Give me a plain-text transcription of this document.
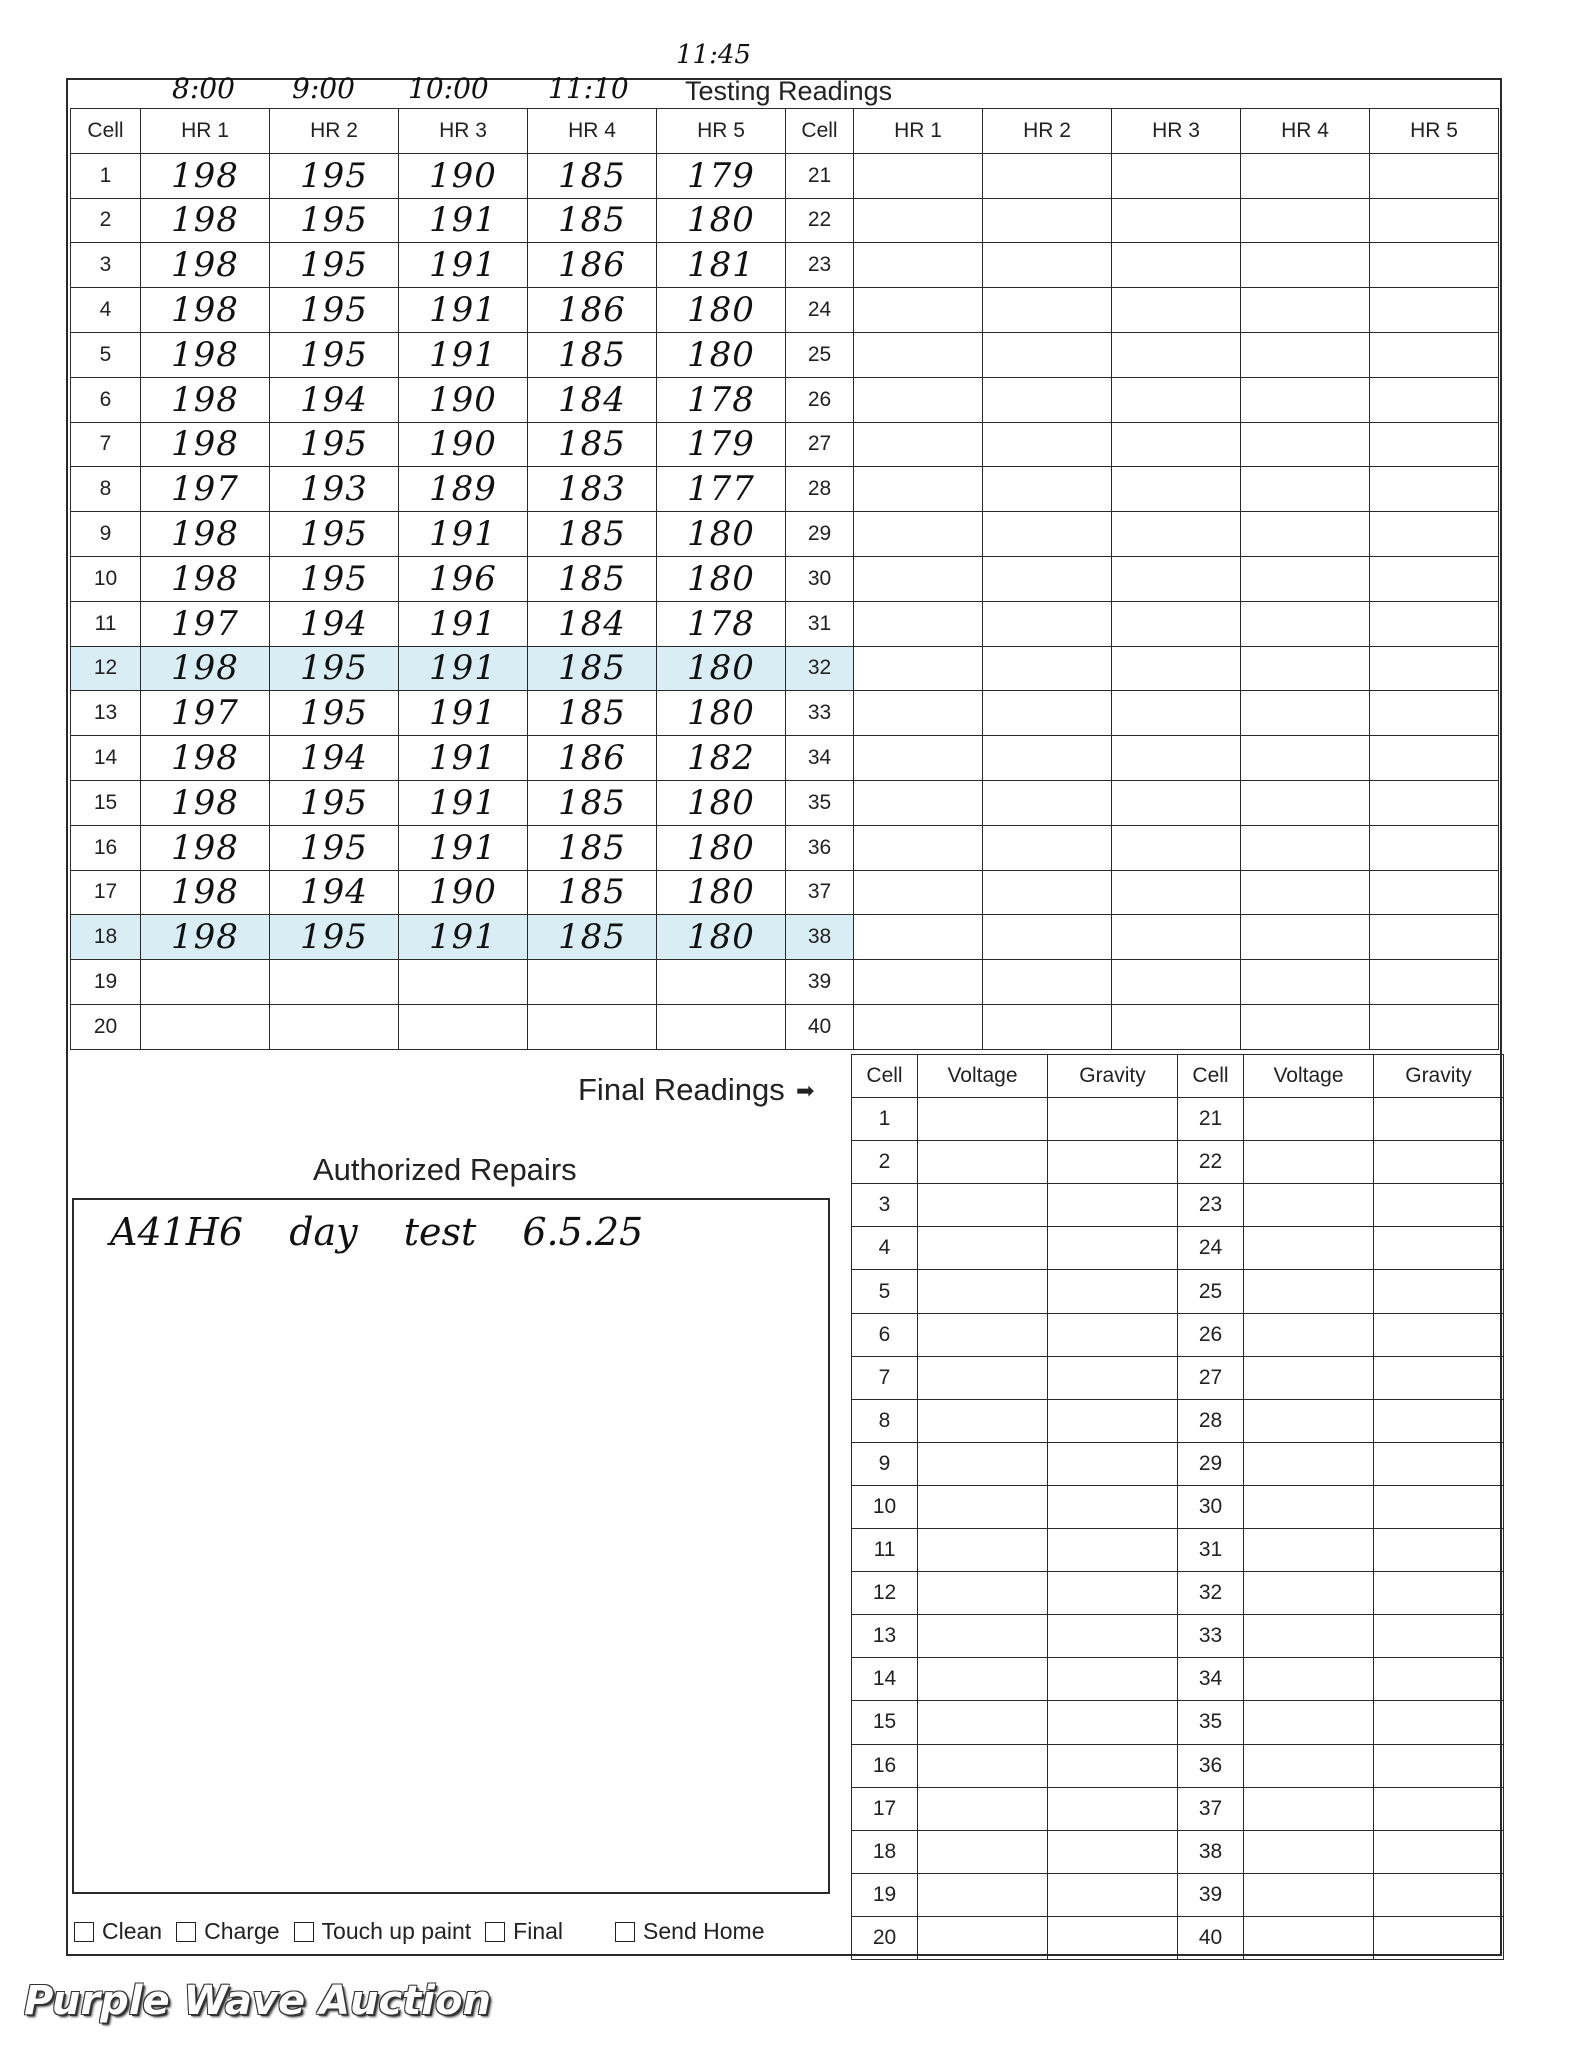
8:00 9:00 10:00 11:10
11:45
Testing Readings
Cell	HR 1	HR 2	HR 3	HR 4	HR 5	Cell	HR 1	HR 2	HR 3	HR 4	HR 5
1	198	195	190	185	179	21					
2	198	195	191	185	180	22					
3	198	195	191	186	181	23					
4	198	195	191	186	180	24					
5	198	195	191	185	180	25					
6	198	194	190	184	178	26					
7	198	195	190	185	179	27					
8	197	193	189	183	177	28					
9	198	195	191	185	180	29					
10	198	195	196	185	180	30					
11	197	194	191	184	178	31					
12	198	195	191	185	180	32					
13	197	195	191	185	180	33					
14	198	194	191	186	182	34					
15	198	195	191	185	180	35					
16	198	195	191	185	180	36					
17	198	194	190	185	180	37					
18	198	195	191	185	180	38					
19						39					
20						40					
Final Readings ➡
Cell	Voltage	Gravity	Cell	Voltage	Gravity
1			21		
2			22		
3			23		
4			24		
5			25		
6			26		
7			27		
8			28		
9			29		
10			30		
11			31		
12			32		
13			33		
14			34		
15			35		
16			36		
17			37		
18			38		
19			39		
20			40		
Authorized Repairs
A41H6 day test 6.5.25
Clean Charge Touch up paint Final	Send Home
Purple Wave Auction
